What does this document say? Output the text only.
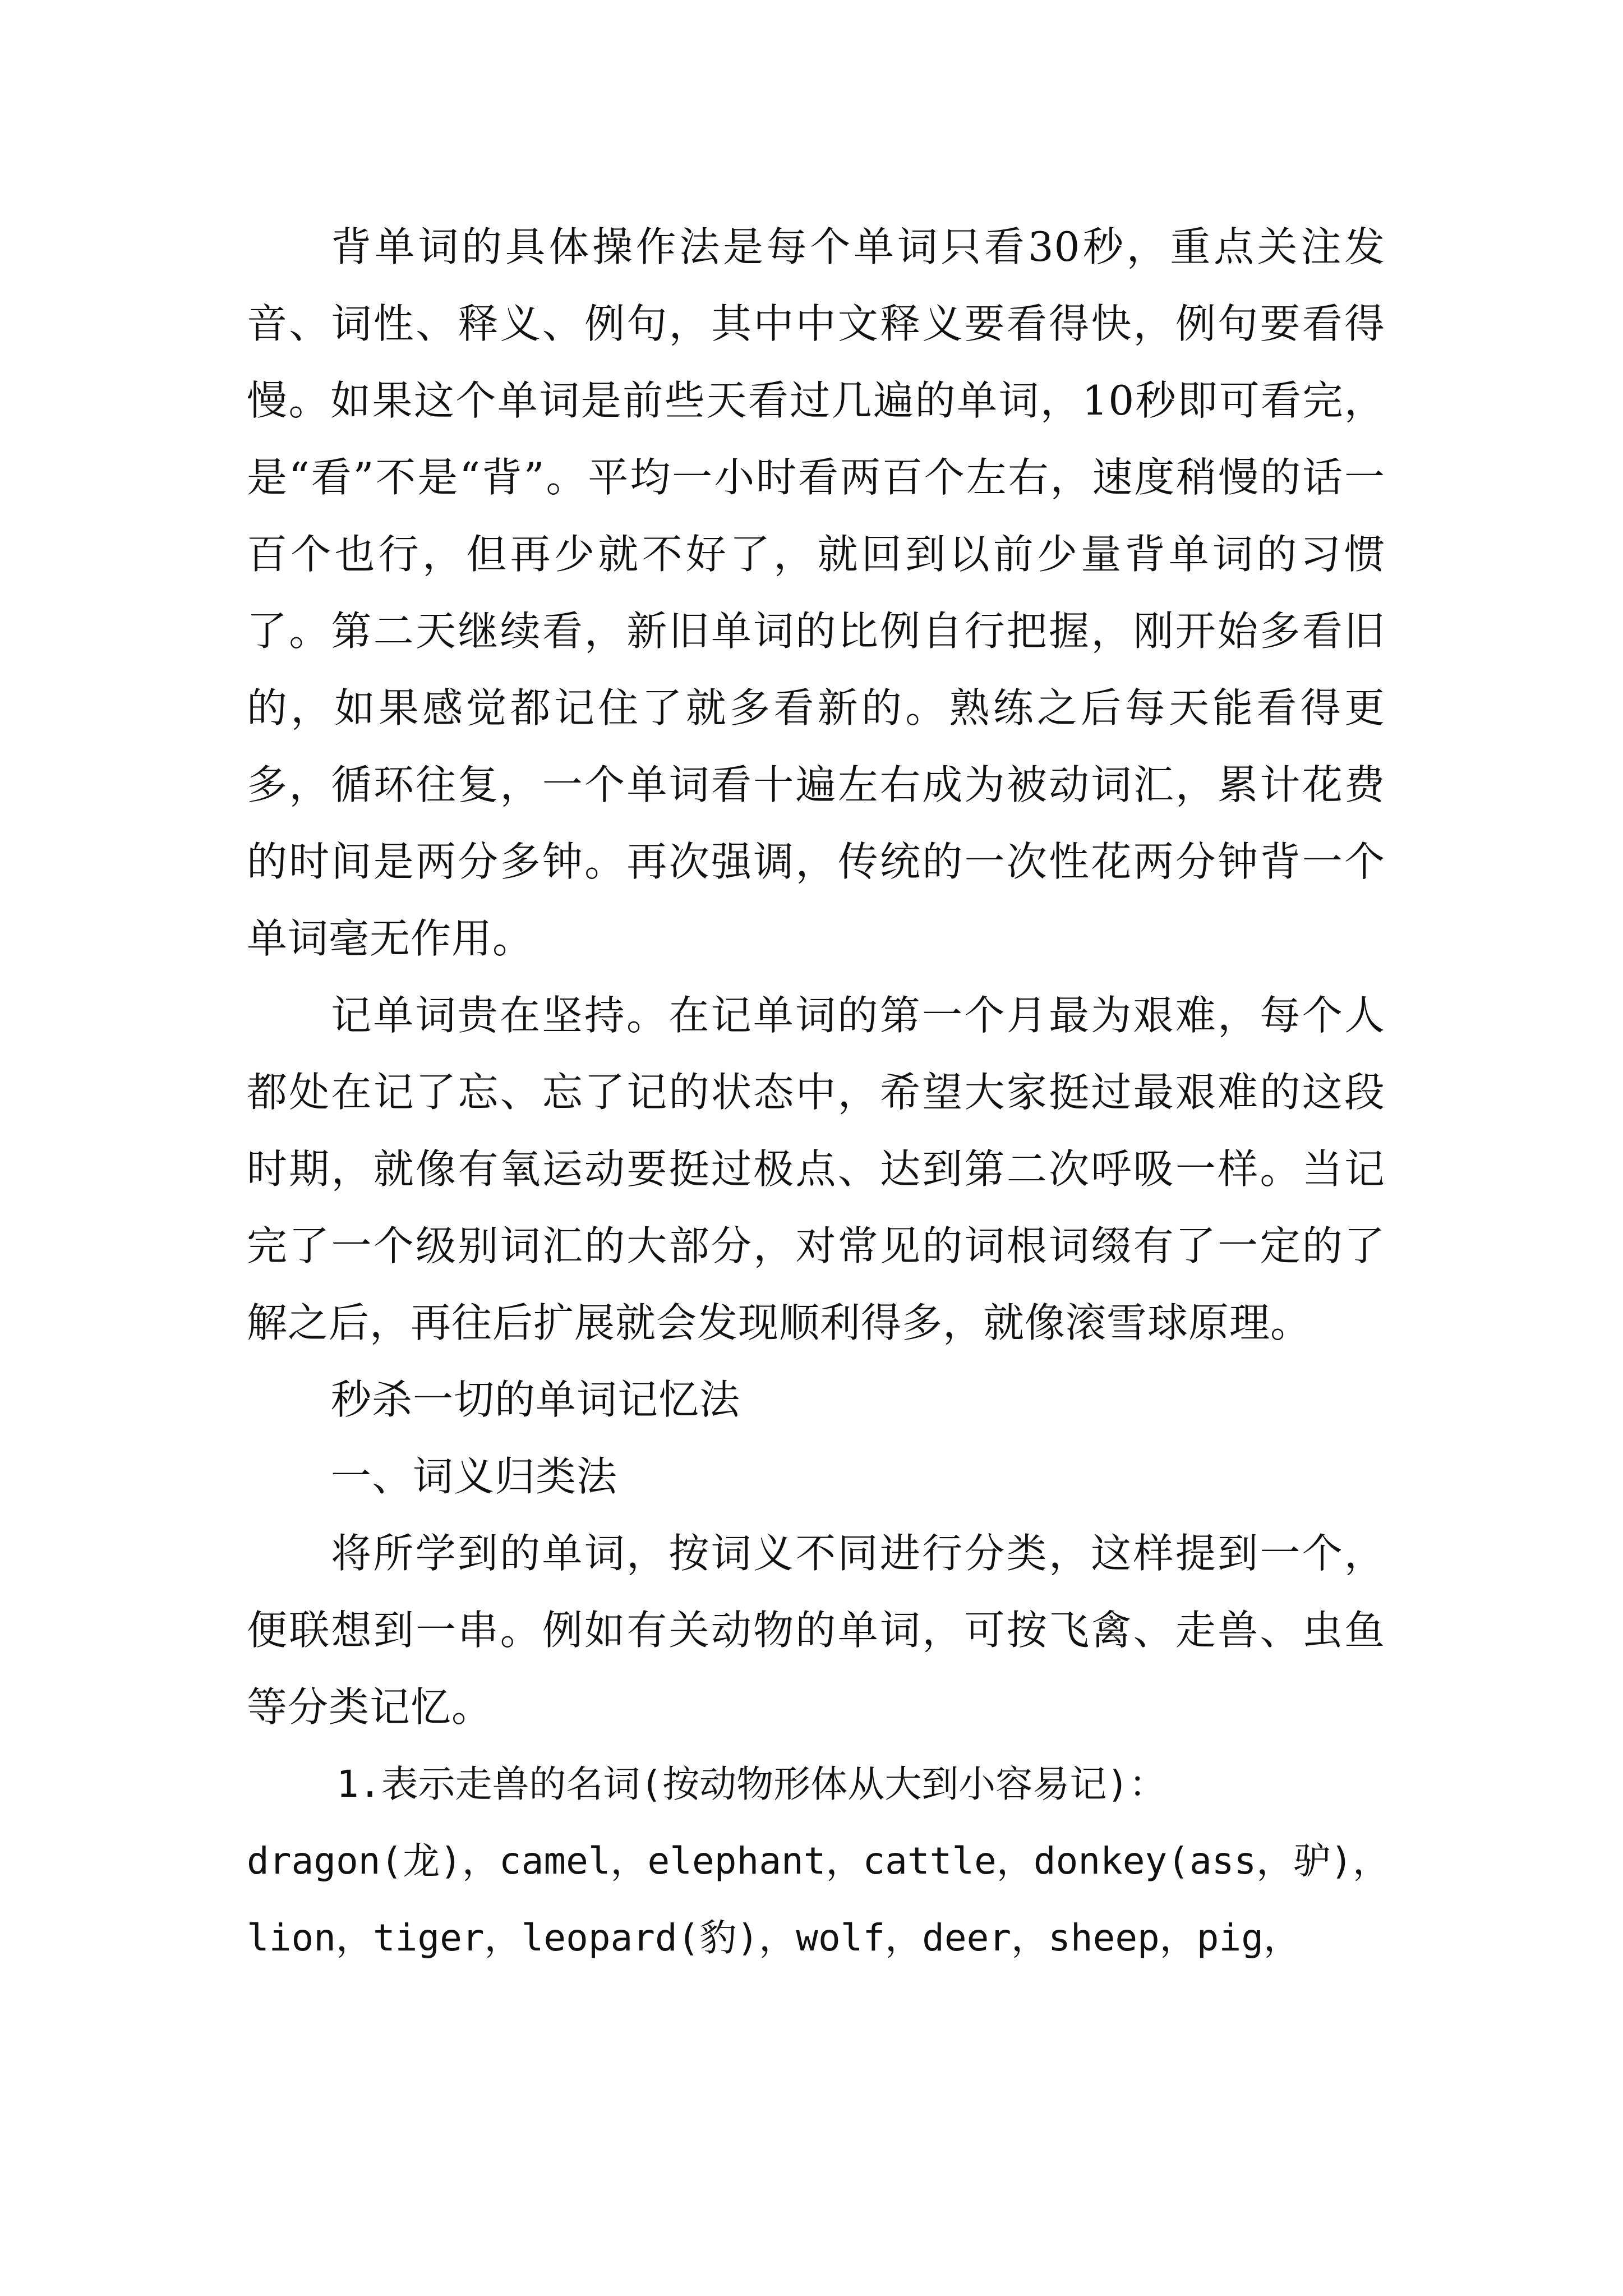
背单词的具体操作法是每个单词只看30秒，重点关注发音、词性、释义、例句，其中中文释义要看得快，例句要看得慢。如果这个单词是前些天看过几遍的单词，10秒即可看完，是“看”不是“背”。平均一小时看两百个左右，速度稍慢的话一百个也行，但再少就不好了，就回到以前少量背单词的习惯了。第二天继续看，新旧单词的比例自行把握，刚开始多看旧的，如果感觉都记住了就多看新的。熟练之后每天能看得更多，循环往复，一个单词看十遍左右成为被动词汇，累计花费的时间是两分多钟。再次强调，传统的一次性花两分钟背一个单词毫无作用。

记单词贵在坚持。在记单词的第一个月最为艰难，每个人都处在记了忘、忘了记的状态中，希望大家挺过最艰难的这段时期，就像有氧运动要挺过极点、达到第二次呼吸一样。当记完了一个级别词汇的大部分，对常见的词根词缀有了一定的了解之后，再往后扩展就会发现顺利得多，就像滚雪球原理。

秒杀一切的单词记忆法

一、词义归类法

将所学到的单词，按词义不同进行分类，这样提到一个，便联想到一串。例如有关动物的单词，可按飞禽、走兽、虫鱼等分类记忆。

1.表示走兽的名词(按动物形体从大到小容易记)：
dragon(龙)，camel，elephant，cattle，donkey(ass，驴)，
lion，tiger，leopard(豹)，wolf，deer，sheep，pig，
